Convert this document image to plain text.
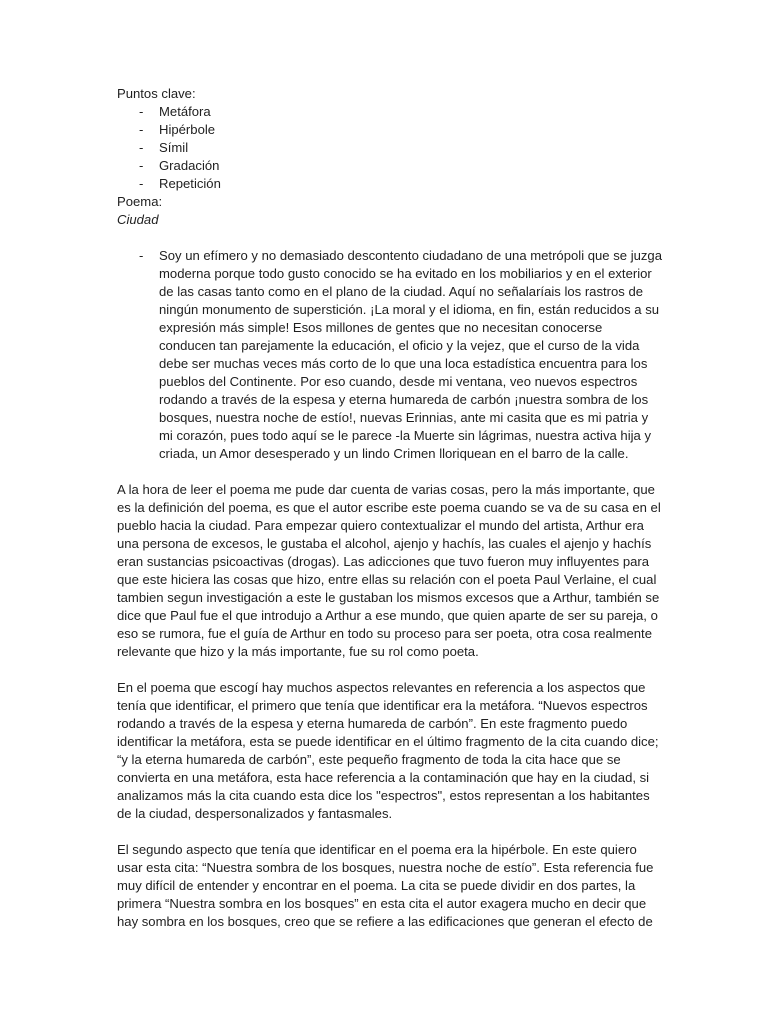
Puntos clave:

- Metáfora
- Hipérbole
- Símil
- Gradación
- Repetición

Poema:

Ciudad

- Soy un efímero y no demasiado descontento ciudadano de una metrópoli que se juzga moderna porque todo gusto conocido se ha evitado en los mobiliarios y en el exterior de las casas tanto como en el plano de la ciudad. Aquí no señalaríais los rastros de ningún monumento de superstición. ¡La moral y el idioma, en fin, están reducidos a su expresión más simple! Esos millones de gentes que no necesitan conocerse conducen tan parejamente la educación, el oficio y la vejez, que el curso de la vida debe ser muchas veces más corto de lo que una loca estadística encuentra para los pueblos del Continente. Por eso cuando, desde mi ventana, veo nuevos espectros rodando a través de la espesa y eterna humareda de carbón ¡nuestra sombra de los bosques, nuestra noche de estío!, nuevas Erinnias, ante mi casita que es mi patria y mi corazón, pues todo aquí se le parece -la Muerte sin lágrimas, nuestra activa hija y criada, un Amor desesperado y un lindo Crimen lloriquean en el barro de la calle.

A la hora de leer el poema me pude dar cuenta de varias cosas, pero la más importante, que es la definición del poema, es que el autor escribe este poema cuando se va de su casa en el pueblo hacia la ciudad. Para empezar quiero contextualizar el mundo del artista, Arthur era una persona de excesos, le gustaba el alcohol, ajenjo y hachís, las cuales el ajenjo y hachís eran sustancias psicoactivas (drogas). Las adicciones que tuvo fueron muy influyentes para que este hiciera las cosas que hizo, entre ellas su relación con el poeta Paul Verlaine, el cual tambien segun investigación a este le gustaban los mismos excesos que a Arthur, también se dice que Paul fue el que introdujo a Arthur a ese mundo, que quien aparte de ser su pareja, o eso se rumora, fue el guía de Arthur en todo su proceso para ser poeta, otra cosa realmente relevante que hizo y la más importante, fue su rol como poeta.

En el poema que escogí hay muchos aspectos relevantes en referencia a los aspectos que tenía que identificar, el primero que tenía que identificar era la metáfora. “Nuevos espectros rodando a través de la espesa y eterna humareda de carbón”. En este fragmento puedo identificar la metáfora, esta se puede identificar en el último fragmento de la cita cuando dice; “y la eterna humareda de carbón”, este pequeño fragmento de toda la cita hace que se convierta en una metáfora, esta hace referencia a la contaminación que hay en la ciudad, si analizamos más la cita cuando esta dice los "espectros", estos representan a los habitantes de la ciudad, despersonalizados y fantasmales.

El segundo aspecto que tenía que identificar en el poema era la hipérbole. En este quiero usar esta cita: “Nuestra sombra de los bosques, nuestra noche de estío”. Esta referencia fue muy difícil de entender y encontrar en el poema. La cita se puede dividir en dos partes, la primera “Nuestra sombra en los bosques” en esta cita el autor exagera mucho en decir que hay sombra en los bosques, creo que se refiere a las edificaciones que generan el efecto de
